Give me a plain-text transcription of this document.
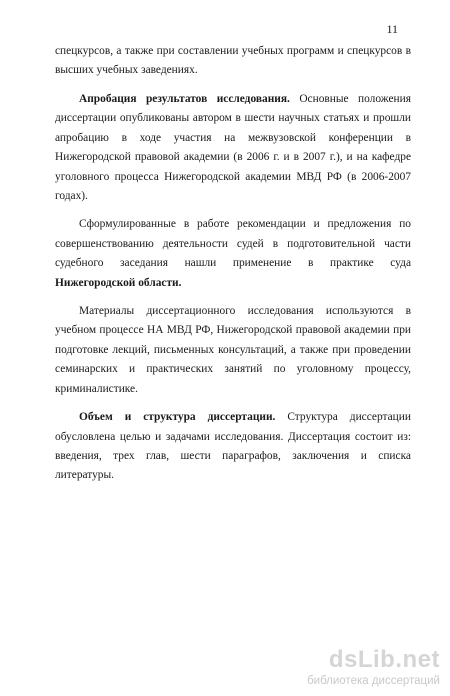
11

спецкурсов, а также при составлении учебных программ и спецкурсов в высших учебных заведениях.

Апробация результатов исследования. Основные положения диссертации опубликованы автором в шести научных статьях и прошли апробацию в ходе участия на межвузовской конференции в Нижегородской правовой академии (в 2006 г. и в 2007 г.), и на кафедре уголовного процесса Нижегородской академии МВД РФ (в 2006-2007 годах).

Сформулированные в работе рекомендации и предложения по совершенствованию деятельности судей в подготовительной части судебного заседания нашли применение в практике суда Нижегородской области.

Материалы диссертационного исследования используются в учебном процессе НА МВД РФ, Нижегородской правовой академии при подготовке лекций, письменных консультаций, а также при проведении семинарских и практических занятий по уголовному процессу, криминалистике.

Объем и структура диссертации. Структура диссертации обусловлена целью и задачами исследования. Диссертация состоит из: введения, трех глав, шести параграфов, заключения и списка литературы.

dsLib.net
библиотека диссертаций
